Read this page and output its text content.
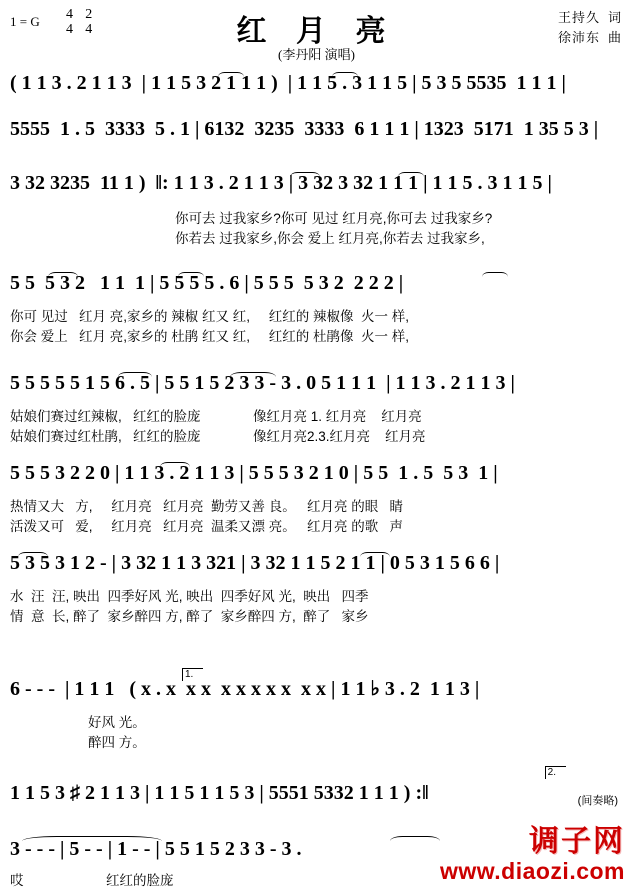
1 = G 4
4

2
4	红 月 亮
(李丹阳 演唱)
王持久 词
徐沛东 曲
( 1 1 3 . 2 1 1 3  | 1 1 5 3 2 1 1 1 )  | 1 1 5 . 3 1 1 5 | 5 3 5 5535  1 1 1 |
5555  1 . 5  3333  5 . 1 | 6132  3235  3333  6 1 1 1 | 1323  5171  1 35 5 3 |
3 32 3235  11 1 )  ‖: 1 1 3 . 2 1 1 3 | 3 32 3 32 1 1 1 | 1 1 5 . 3 1 1 5 |
你可去 过我家乡?你可 见过 红月亮,你可去 过我家乡?
你若去 过我家乡,你会 爱上 红月亮,你若去 过我家乡,
5 5  5 3 2   1 1  1 | 5 5 5 5 . 6 | 5 5 5  5 3 2  2 2 2 |
你可 见过   红月 亮,家乡的 辣椒 红又 红,     红红的 辣椒像  火一 样,
你会 爱上   红月 亮,家乡的 杜鹃 红又 红,     红红的 杜鹃像  火一 样,
5 5 5 5 5 1 5 6 . 5 | 5 5 1 5 2 3 3 - 3 . 0 5 1 1 1  | 1 1 3 . 2 1 1 3 |
姑娘们赛过红辣椒,   红红的脸庞              像红月亮 1. 红月亮    红月亮
姑娘们赛过红杜鹃,   红红的脸庞              像红月亮2.3.红月亮    红月亮
5 5 5 3 2 2 0 | 1 1 3 . 2 1 1 3 | 5 5 5 3 2 1 0 | 5 5  1 . 5  5 3  1 |
热情又大   方,     红月亮   红月亮  勤劳又善 良。   红月亮 的眼   睛
活泼又可   爱,     红月亮   红月亮  温柔又漂 亮。   红月亮 的歌   声
5 3 5 3 1 2 - | 3 32 1 1 3 321 | 3 32 1 1 5 2 1 1 | 0 5 3 1 5 6 6 |
水  汪  汪, 映出  四季好风 光, 映出  四季好风 光,  映出   四季
情  意  长, 醉了  家乡醉四 方, 醉了  家乡醉四 方,  醉了   家乡
1.
6 - - -  | 1 1 1   ( x . x  x x  x x x x x  x x | 1 1 ♭ 3 . 2  1 1 3 |
好风 光。
醉四 方。
2.
1 1 5 3 ♯ 2 1 1 3 | 1 1 5 1 1 5 3 | 5551 5332 1 1 1 ) :‖	(间奏略)
3 - - - | 5 - - | 1 - - | 5 5 1 5 2 3 3 - 3 .
哎                      红红的脸庞
调子网
www.diaozi.com
